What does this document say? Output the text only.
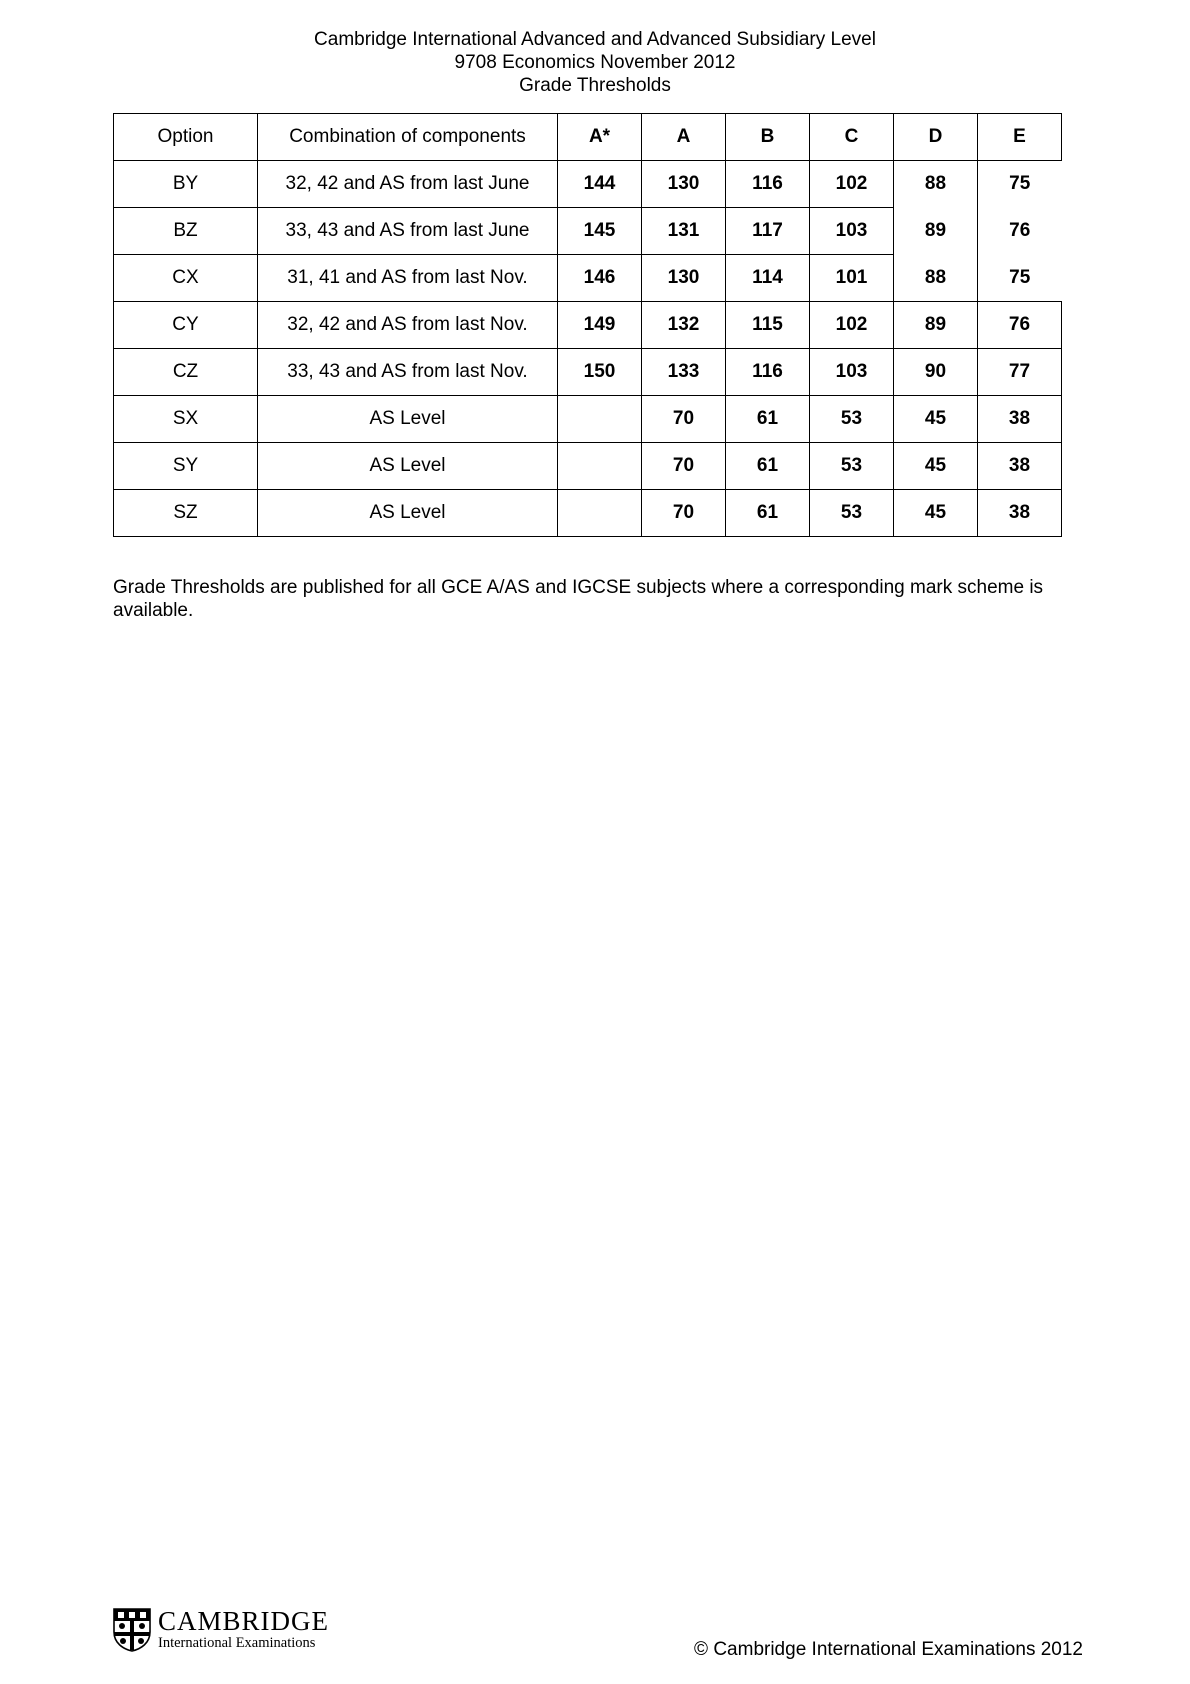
Cambridge International Advanced and Advanced Subsidiary Level
9708 Economics November 2012
Grade Thresholds
Option	Combination of components	A*	A	B	C	D	E
BY	32, 42 and AS from last June	144	130	116	102	88	75
BZ	33, 43 and AS from last June	145	131	117	103	89	76
CX	31, 41 and AS from last Nov.	146	130	114	101	88	75
CY	32, 42 and AS from last Nov.	149	132	115	102	89	76
CZ	33, 43 and AS from last Nov.	150	133	116	103	90	77
SX	AS Level		70	61	53	45	38
SY	AS Level		70	61	53	45	38
SZ	AS Level		70	61	53	45	38
Grade Thresholds are published for all GCE A/AS and IGCSE subjects where a corresponding mark scheme is available.
CAMBRIDGE
International Examinations	© Cambridge International Examinations 2012
